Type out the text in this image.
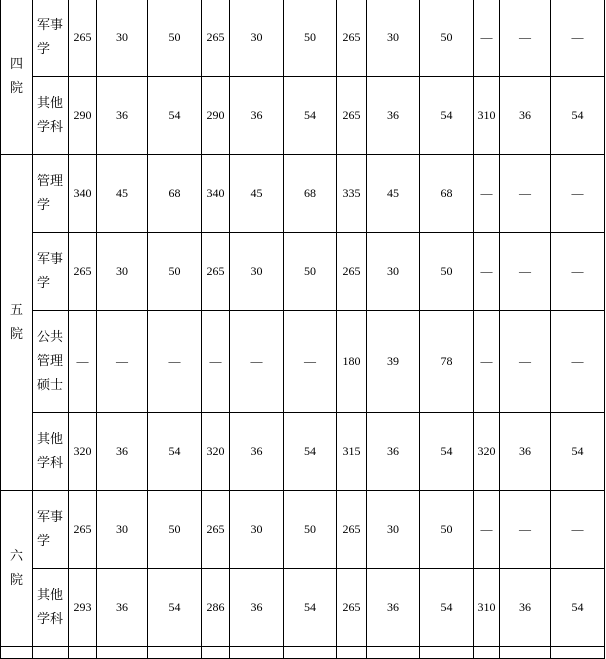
四院	军事学	265	30	50	265	30	50	265	30	50	—	—	—
	其他学科	290	36	54	290	36	54	265	36	54	310	36	54
五院	管理学	340	45	68	340	45	68	335	45	68	—	—	—
	军事学	265	30	50	265	30	50	265	30	50	—	—	—
	公共管理硕士	—	—	—	—	—	—	180	39	78	—	—	—
	其他学科	320	36	54	320	36	54	315	36	54	320	36	54
六院	军事学	265	30	50	265	30	50	265	30	50	—	—	—
	其他学科	293	36	54	286	36	54	265	36	54	310	36	54
